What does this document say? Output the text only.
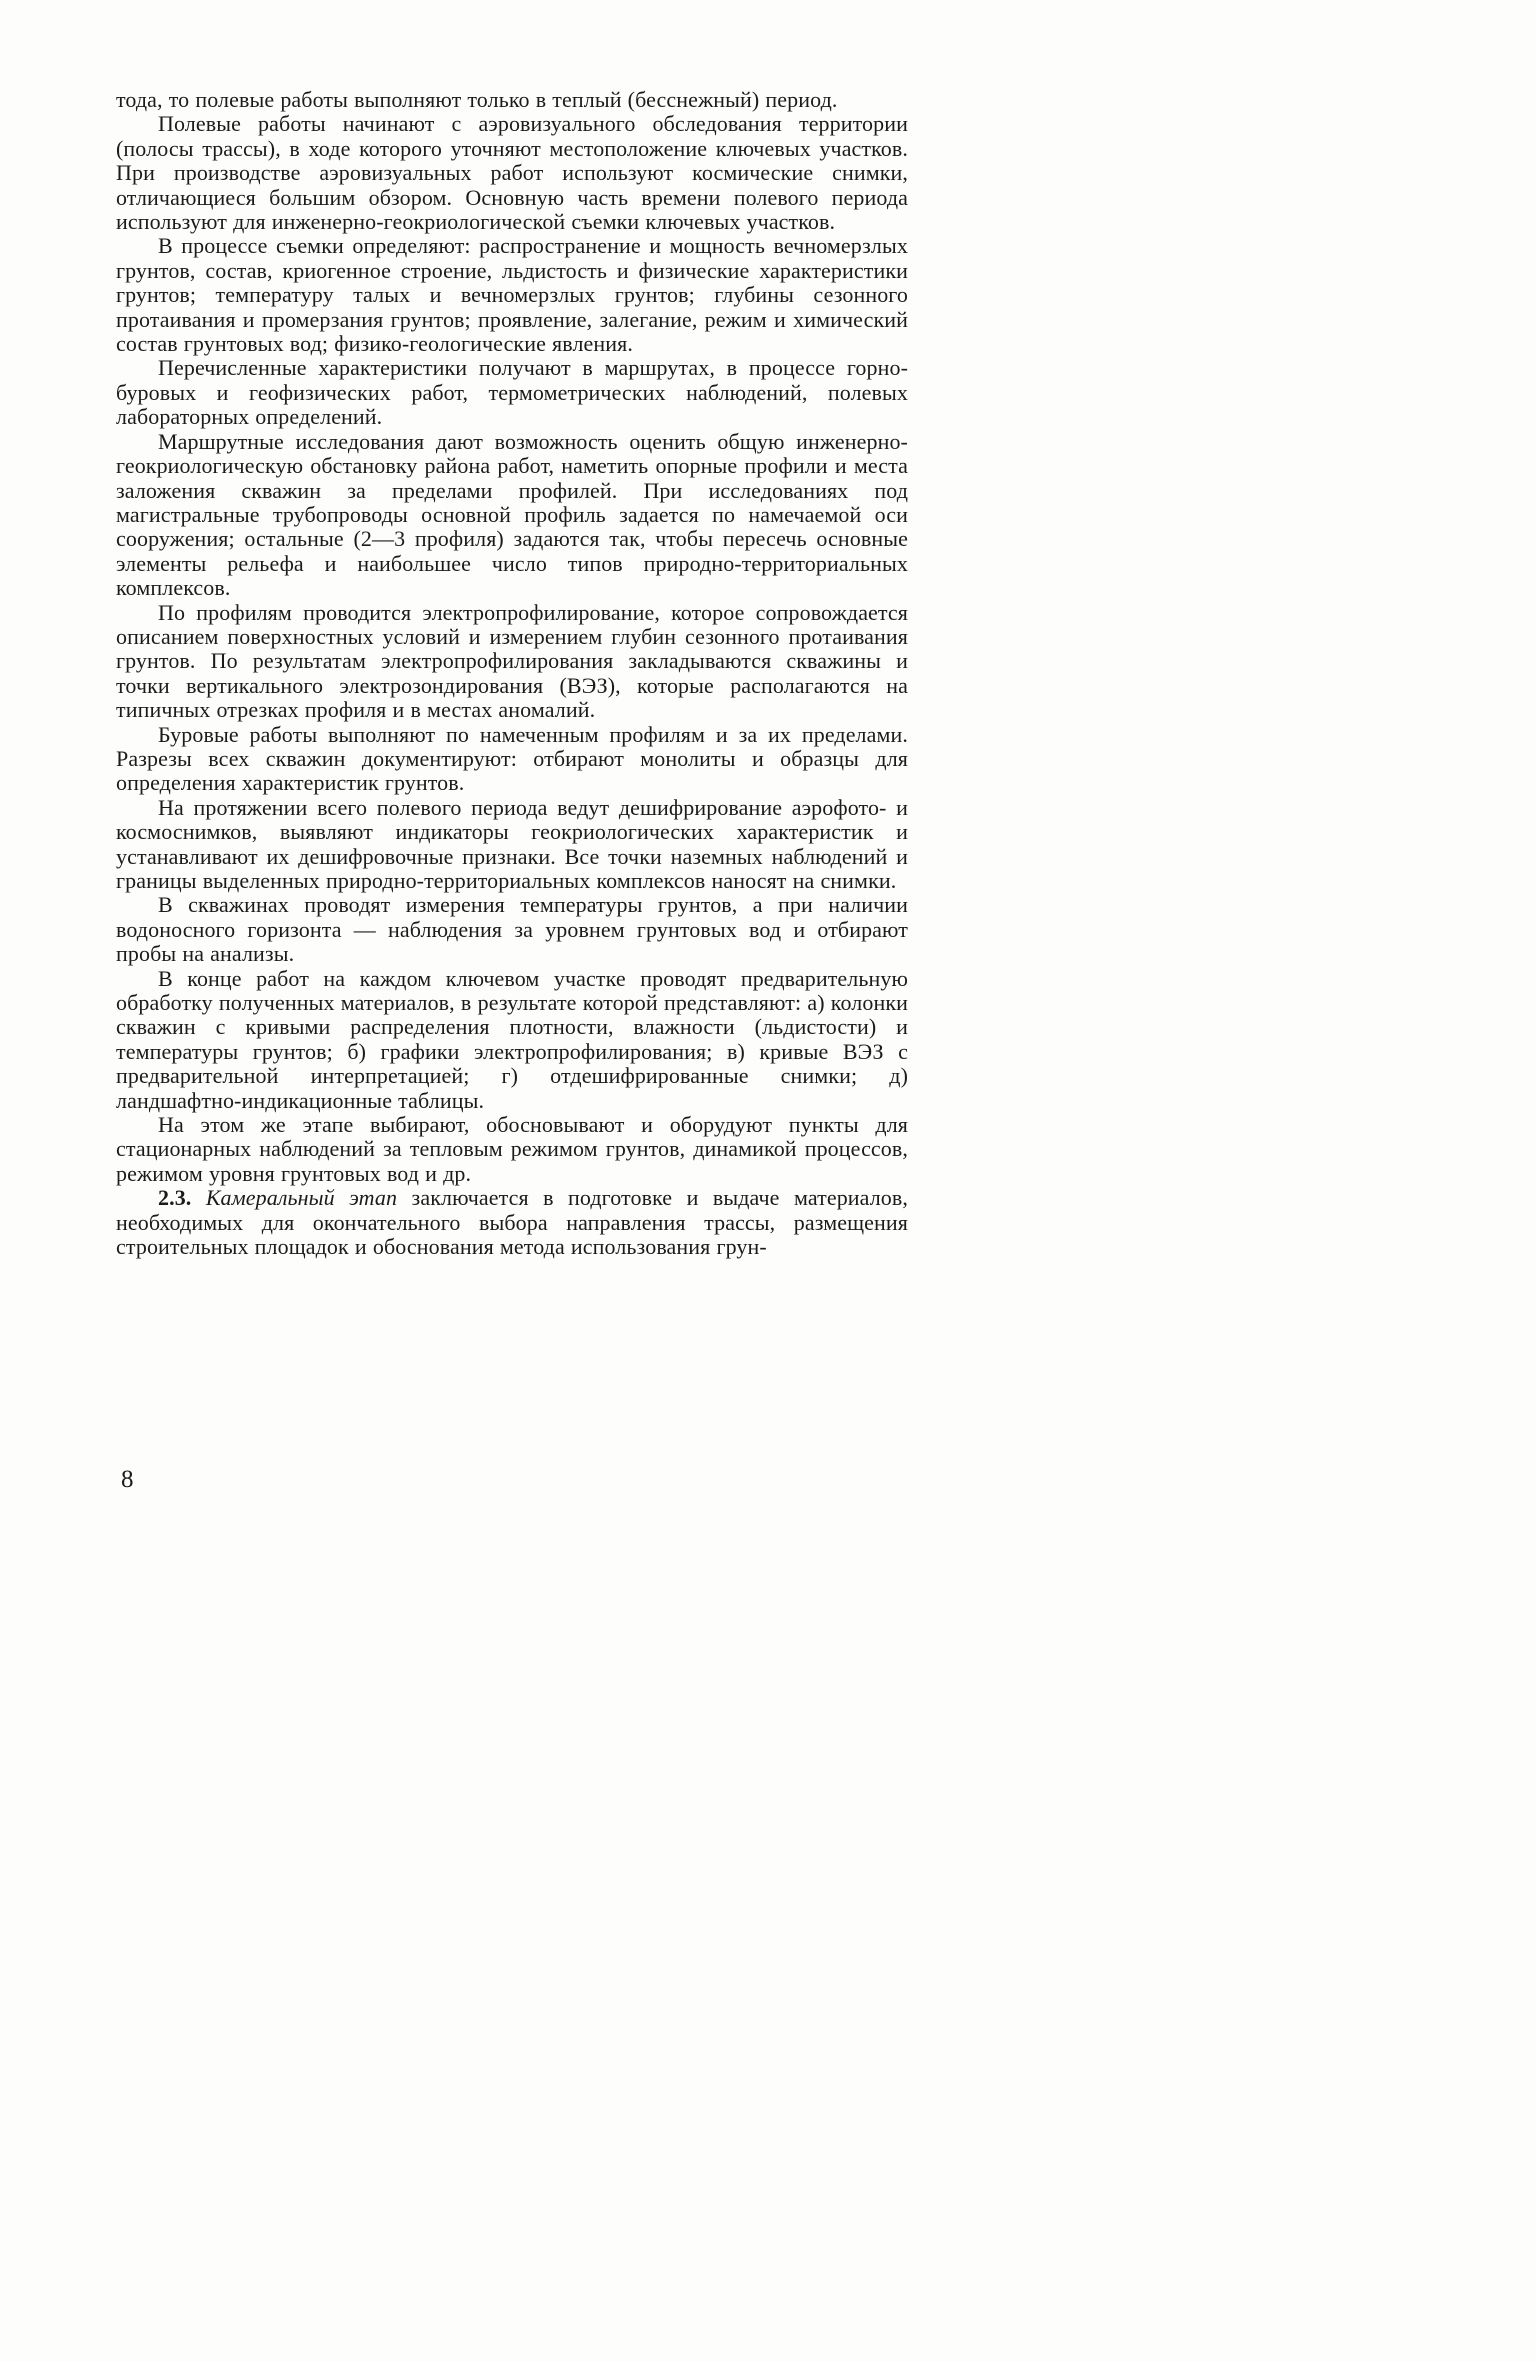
тода, то полевые работы выполняют только в теплый (бесснежный) период.

Полевые работы начинают с аэровизуального обследования территории (полосы трассы), в ходе которого уточняют местоположение ключевых участков. При производстве аэровизуальных работ используют космические снимки, отличающиеся большим обзором. Основную часть времени полевого периода используют для инженерно-геокриологической съемки ключевых участков.

В процессе съемки определяют: распространение и мощность вечномерзлых грунтов, состав, криогенное строение, льдистость и физические характеристики грунтов; температуру талых и вечномерзлых грунтов; глубины сезонного протаивания и промерзания грунтов; проявление, залегание, режим и химический состав грунтовых вод; физико-геологические явления.

Перечисленные характеристики получают в маршрутах, в процессе горно-буровых и геофизических работ, термометрических наблюдений, полевых лабораторных определений.

Маршрутные исследования дают возможность оценить общую инженерно-геокриологическую обстановку района работ, наметить опорные профили и места заложения скважин за пределами профилей. При исследованиях под магистральные трубопроводы основной профиль задается по намечаемой оси сооружения; остальные (2—3 профиля) задаются так, чтобы пересечь основные элементы рельефа и наибольшее число типов природно-территориальных комплексов.

По профилям проводится электропрофилирование, которое сопровождается описанием поверхностных условий и измерением глубин сезонного протаивания грунтов. По результатам электропрофилирования закладываются скважины и точки вертикального электрозондирования (ВЭЗ), которые располагаются на типичных отрезках профиля и в местах аномалий.

Буровые работы выполняют по намеченным профилям и за их пределами. Разрезы всех скважин документируют: отбирают монолиты и образцы для определения характеристик грунтов.

На протяжении всего полевого периода ведут дешифрирование аэрофото- и космоснимков, выявляют индикаторы геокриологических характеристик и устанавливают их дешифровочные признаки. Все точки наземных наблюдений и границы выделенных природно-территориальных комплексов наносят на снимки.

В скважинах проводят измерения температуры грунтов, а при наличии водоносного горизонта — наблюдения за уровнем грунтовых вод и отбирают пробы на анализы.

В конце работ на каждом ключевом участке проводят предварительную обработку полученных материалов, в результате которой представляют: а) колонки скважин с кривыми распределения плотности, влажности (льдистости) и температуры грунтов; б) графики электропрофилирования; в) кривые ВЭЗ с предварительной интерпретацией; г) отдешифрированные снимки; д) ландшафтно-индикационные таблицы.

На этом же этапе выбирают, обосновывают и оборудуют пункты для стационарных наблюдений за тепловым режимом грунтов, динамикой процессов, режимом уровня грунтовых вод и др.

2.3. Камеральный этап заключается в подготовке и выдаче материалов, необходимых для окончательного выбора направления трассы, размещения строительных площадок и обоснования метода использования грун-

8
